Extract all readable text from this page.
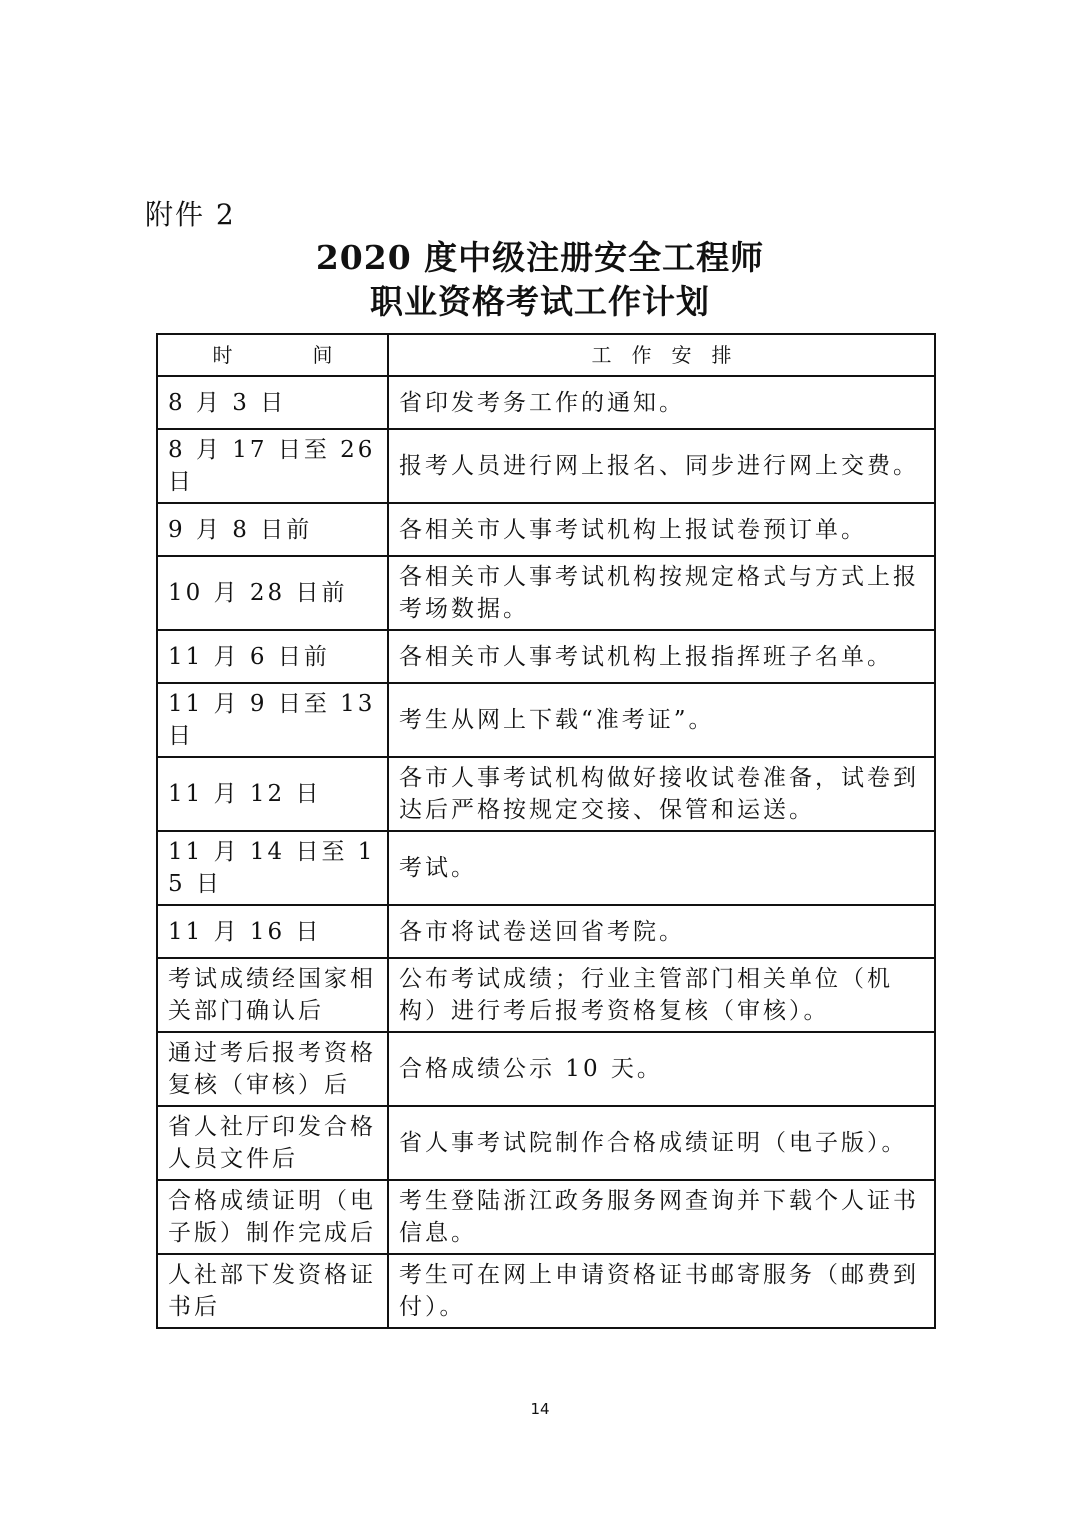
附件 2
2020 度中级注册安全工程师
职业资格考试工作计划
时　　　　间	工　作　安　排
8 月 3 日	省印发考务工作的通知。
8 月 17 日至 26 日	报考人员进行网上报名、同步进行网上交费。
9 月 8 日前	各相关市人事考试机构上报试卷预订单。
10 月 28 日前	各相关市人事考试机构按规定格式与方式上报考场数据。
11 月 6 日前	各相关市人事考试机构上报指挥班子名单。
11 月 9 日至 13 日	考生从网上下载“准考证”。
11 月 12 日	各市人事考试机构做好接收试卷准备，试卷到达后严格按规定交接、保管和运送。
11 月 14 日至 15 日	考试。
11 月 16 日	各市将试卷送回省考院。
考试成绩经国家相关部门确认后	公布考试成绩；行业主管部门相关单位（机构）进行考后报考资格复核（审核）。
通过考后报考资格复核（审核）后	合格成绩公示 10 天。
省人社厅印发合格人员文件后	省人事考试院制作合格成绩证明（电子版）。
合格成绩证明（电子版）制作完成后	考生登陆浙江政务服务网查询并下载个人证书信息。
人社部下发资格证书后	考生可在网上申请资格证书邮寄服务（邮费到付）。
14
